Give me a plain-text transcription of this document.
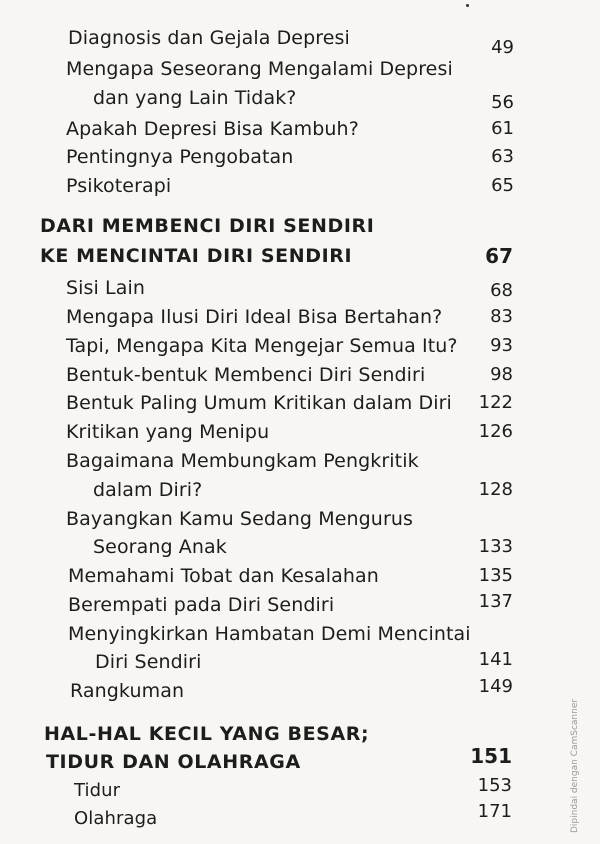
Diagnosis dan Gejala Depresi	49
Mengapa Seseorang Mengalami Depresi
dan yang Lain Tidak?	56
Apakah Depresi Bisa Kambuh?	61
Pentingnya Pengobatan	63
Psikoterapi	65
DARI MEMBENCI DIRI SENDIRI
KE MENCINTAI DIRI SENDIRI	67
Sisi Lain	68
Mengapa Ilusi Diri Ideal Bisa Bertahan?	83
Tapi, Mengapa Kita Mengejar Semua Itu?	93
Bentuk-bentuk Membenci Diri Sendiri	98
Bentuk Paling Umum Kritikan dalam Diri	122
Kritikan yang Menipu	126
Bagaimana Membungkam Pengkritik
dalam Diri?	128
Bayangkan Kamu Sedang Mengurus
Seorang Anak	133
Memahami Tobat dan Kesalahan	135
Berempati pada Diri Sendiri	137
Menyingkirkan Hambatan Demi Mencintai
Diri Sendiri	141
Rangkuman	149
HAL-HAL KECIL YANG BESAR;
TIDUR DAN OLAHRAGA	151
Tidur	153
Olahraga	171	Dipindai dengan CamScanner
